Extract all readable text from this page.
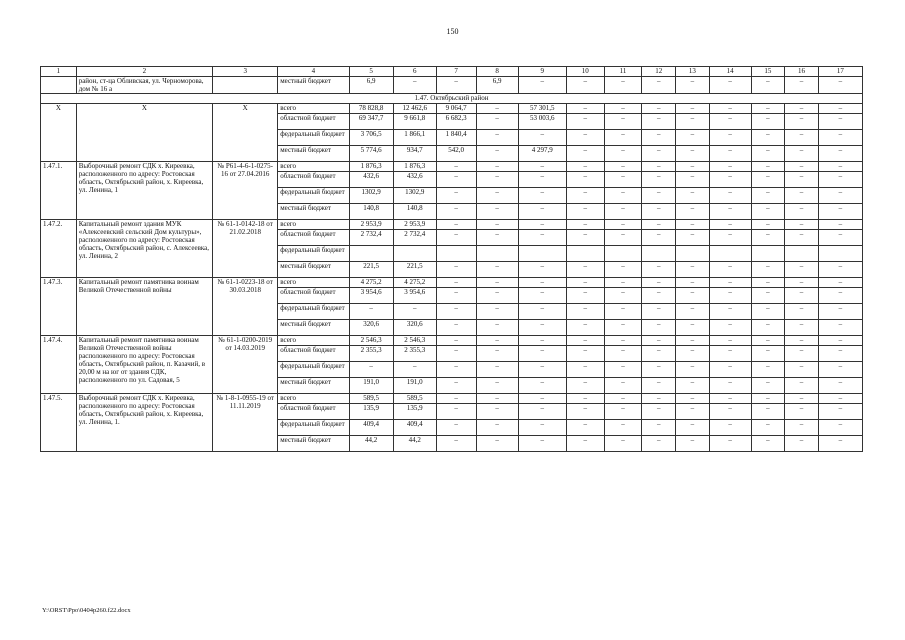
150
1	2	3	4	5	6	7	8	9	10	11	12	13	14	15	16	17
	район, ст-ца Обливская, ул. Черноморова, дом № 16 а		местный бюджет	6,9	–	–	6,9	–	–	–	–	–	–	–	–	–
1.47. Октябрьский район																
Х	Х	Х	всего	78 828,8	12 462,6	9 064,7	–	57 301,5	–	–	–	–	–	–	–	–
			областной бюджет	69 347,7	9 661,8	6 682,3	–	53 003,6	–	–	–	–	–	–	–	–
			федеральный бюджет	3 706,5	1 866,1	1 840,4	–	–	–	–	–	–	–	–	–	–
			местный бюджет	5 774,6	934,7	542,0	–	4 297,9	–	–	–	–	–	–	–	–
1.47.1.	Выборочный ремонт СДК х. Киреевка, расположенного по адресу: Ростовская область, Октябрьский район, х. Киреевка, ул. Ленина, 1	№ Р61-4-6-1-0275-16 от 27.04.2016	всего	1 876,3	1 876,3	–	–	–	–	–	–	–	–	–	–	–
			областной бюджет	432,6	432,6	–	–	–	–	–	–	–	–	–	–	–
			федеральный бюджет	1302,9	1302,9	–	–	–	–	–	–	–	–	–	–	–
			местный бюджет	140,8	140,8	–	–	–	–	–	–	–	–	–	–	–
1.47.2.	Капитальный ремонт здания МУК «Алексеевский сельский Дом культуры», расположенного по адресу: Ростовская область, Октябрьский район, с. Алексеевка, ул. Ленина, 2	№ 61-1-0142-18 от 21.02.2018	всего	2 953,9	2 953,9	–	–	–	–	–	–	–	–	–	–	–
			областной бюджет	2 732,4	2 732,4	–	–	–	–	–	–	–	–	–	–	–
			федеральный бюджет													
			местный бюджет	221,5	221,5	–	–	–	–	–	–	–	–	–	–	–
1.47.3.	Капитальный ремонт памятника воинам Великой Отечественной войны	№ 61-1-0223-18 от 30.03.2018	всего	4 275,2	4 275,2	–	–	–	–	–	–	–	–	–	–	–
			областной бюджет	3 954,6	3 954,6	–	–	–	–	–	–	–	–	–	–	–
			федеральный бюджет	–	–	–	–	–	–	–	–	–	–	–	–	–
			местный бюджет	320,6	320,6	–	–	–	–	–	–	–	–	–	–	–
1.47.4.	Капитальный ремонт памятника воинам Великой Отечественной войны расположенного по адресу: Ростовская область, Октябрьский район, п. Казачий, в 20,00 м на юг от здания СДК, расположенного по ул. Садовая, 5	№ 61-1-0200-2019 от 14.03.2019	всего	2 546,3	2 546,3	–	–	–	–	–	–	–	–	–	–	–
			областной бюджет	2 355,3	2 355,3	–	–	–	–	–	–	–	–	–	–	–
			федеральный бюджет	–	–	–	–	–	–	–	–	–	–	–	–	–
			местный бюджет	191,0	191,0	–	–	–	–	–	–	–	–	–	–	–
1.47.5.	Выборочный ремонт СДК х. Киреевка, расположенного по адресу: Ростовская область, Октябрьский район, х. Киреевка, ул. Ленина, 1.	№ 1-8-1-0955-19 от 11.11.2019	всего	589,5	589,5	–	–	–	–	–	–	–	–	–	–	–
			областной бюджет	135,9	135,9	–	–	–	–	–	–	–	–	–	–	–
			федеральный бюджет	409,4	409,4	–	–	–	–	–	–	–	–	–	–	–
			местный бюджет	44,2	44,2	–	–	–	–	–	–	–	–	–	–	–
Y:\ORST\Ppo\0404p260.f22.docx
